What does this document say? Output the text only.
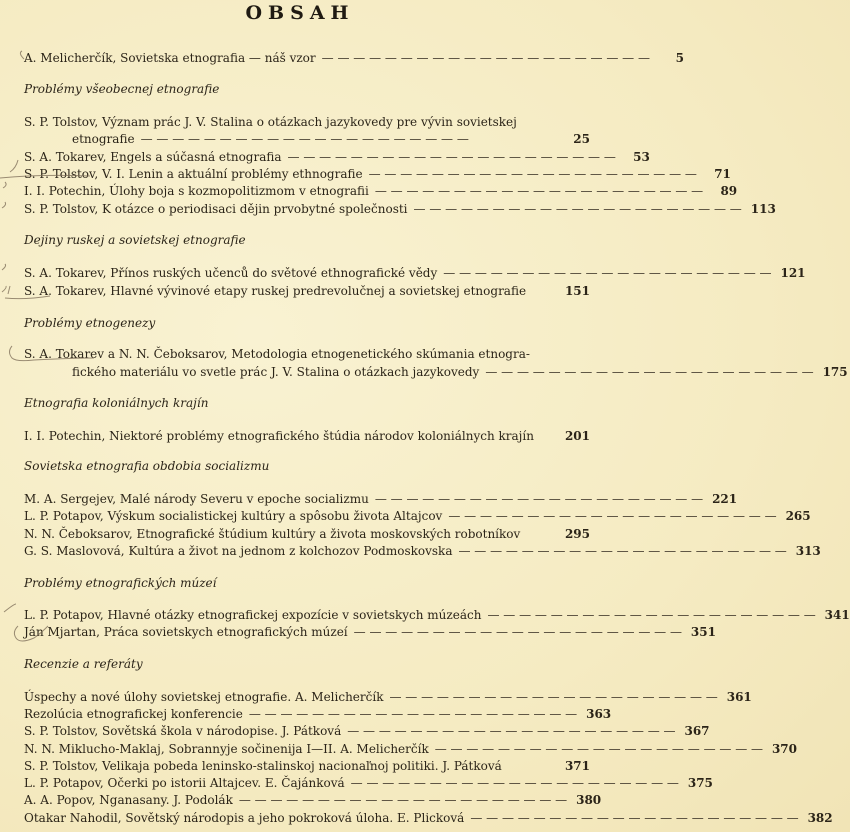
OBSAH
A. Melicherčík, Sovietska etnografia — náš vzor — — — — — — — — — — — — — — — — — — — — —	5
Problémy všeobecnej etnografie
S. P. Tolstov, Význam prác J. V. Stalina o otázkach jazykovedy pre vývin sovietskej
etnografie — — — — — — — — — — — — — — — — — — — — —	25
S. A. Tokarev, Engels a súčasná etnografia — — — — — — — — — — — — — — — — — — — — —	53
S. P. Tolstov, V. I. Lenin a aktuální problémy ethnografie — — — — — — — — — — — — — — — — — — — — —	71
I. I. Potechin, Úlohy boja s kozmopolitizmom v etnografii — — — — — — — — — — — — — — — — — — — — —	89
S. P. Tolstov, K otázce o periodisaci dějin prvobytné společnosti — — — — — — — — — — — — — — — — — — — — — 113
Dejiny ruskej a sovietskej etnografie
S. A. Tokarev, Přínos ruských učenců do světové ethnografické vědy — — — — — — — — — — — — — — — — — — — — — 121
S. A. Tokarev, Hlavné vývinové etapy ruskej predrevolučnej a sovietskej etnografie	151
Problémy etnogenezy
S. A. Tokarev a N. N. Čeboksarov, Metodologia etnogenetického skúmania etnogra-
fického materiálu vo svetle prác J. V. Stalina o otázkach jazykovedy — — — — — — — — — — — — — — — — — — — — — 175
Etnografia koloniálnych krajín
I. I. Potechin, Niektoré problémy etnografického štúdia národov koloniálnych krajín	201
Sovietska etnografia obdobia socializmu
M. A. Sergejev, Malé národy Severu v epoche socializmu — — — — — — — — — — — — — — — — — — — — — 221
L. P. Potapov, Výskum socialistickej kultúry a spôsobu života Altajcov — — — — — — — — — — — — — — — — — — — — — 265
N. N. Čeboksarov, Etnografické štúdium kultúry a života moskovských robotníkov	295
G. S. Maslovová, Kultúra a život na jednom z kolchozov Podmoskovska — — — — — — — — — — — — — — — — — — — — — 313
Problémy etnografických múzeí
L. P. Potapov, Hlavné otázky etnografickej expozície v sovietskych múzeách — — — — — — — — — — — — — — — — — — — — — 341
Ján Mjartan, Práca sovietskych etnografických múzeí — — — — — — — — — — — — — — — — — — — — — 351
Recenzie a referáty
Úspechy a nové úlohy sovietskej etnografie. A. Melicherčík — — — — — — — — — — — — — — — — — — — — — 361
Rezolúcia etnografickej konferencie — — — — — — — — — — — — — — — — — — — — — 363
S. P. Tolstov, Sovětská škola v národopise. J. Pátková — — — — — — — — — — — — — — — — — — — — — 367
N. N. Miklucho-Maklaj, Sobrannyje sočinenija I—II. A. Melicherčík — — — — — — — — — — — — — — — — — — — — — 370
S. P. Tolstov, Velikaja pobeda leninsko-stalinskoj nacionaľnoj politiki. J. Pátková	371
L. P. Potapov, Očerki po istorii Altajcev. E. Čajánková — — — — — — — — — — — — — — — — — — — — — 375
A. A. Popov, Nganasany. J. Podolák — — — — — — — — — — — — — — — — — — — — — 380
Otakar Nahodil, Sovětský národopis a jeho pokroková úloha. E. Plicková — — — — — — — — — — — — — — — — — — — — — 382
